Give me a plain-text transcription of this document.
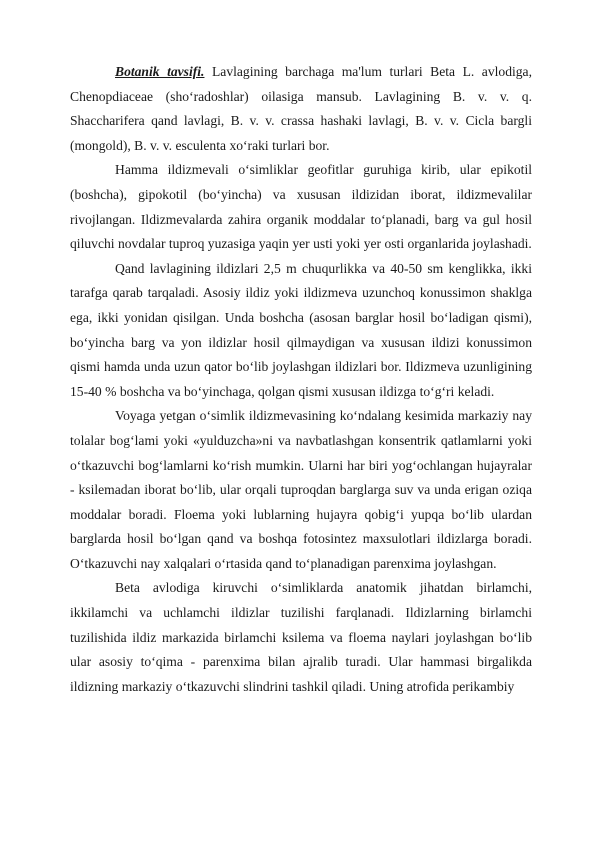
Botanik tavsifi. Lavlagining barchaga ma'lum turlari Beta L. avlodiga, Chenopdiaceae (sho‘radoshlar) oilasiga mansub. Lavlagining B. v. v. q. Shaccharifera qand lavlagi, B. v. v. crassa hashaki lavlagi, B. v. v. Cicla bargli (mongold), B. v. v. esculenta xo‘raki turlari bor.

Hamma ildizmevali o‘simliklar geofitlar guruhiga kirib, ular epikotil (boshcha), gipokotil (bo‘yincha) va xususan ildizidan iborat, ildizmevalilar rivojlangan. Ildizmevalarda zahira organik moddalar to‘planadi, barg va gul hosil qiluvchi novdalar tuproq yuzasiga yaqin yer usti yoki yer osti organlarida joylashadi.

Qand lavlagining ildizlari 2,5 m chuqurlikka va 40-50 sm kenglikka, ikki tarafga qarab tarqaladi. Asosiy ildiz yoki ildizmeva uzunchoq konussimon shaklga ega, ikki yonidan qisilgan. Unda boshcha (asosan barglar hosil bo‘ladigan qismi), bo‘yincha barg va yon ildizlar hosil qilmaydigan va xususan ildizi konussimon qismi hamda unda uzun qator bo‘lib joylashgan ildizlari bor. Ildizmeva uzunligining 15-40 % boshcha va bo‘yinchaga, qolgan qismi xususan ildizga to‘g‘ri keladi.

Voyaga yetgan o‘simlik ildizmevasining ko‘ndalang kesimida markaziy nay tolalar bog‘lami yoki «yulduzcha»ni va navbatlashgan konsentrik qatlamlarni yoki o‘tkazuvchi bog‘lamlarni ko‘rish mumkin. Ularni har biri yog‘ochlangan hujayralar - ksilemadan iborat bo‘lib, ular orqali tuproqdan barglarga suv va unda erigan oziqa moddalar boradi. Floema yoki lublarning hujayra qobig‘i yupqa bo‘lib ulardan barglarda hosil bo‘lgan qand va boshqa fotosintez maxsulotlari ildizlarga boradi. O‘tkazuvchi nay xalqalari o‘rtasida qand to‘planadigan parenxima joylashgan.

Beta avlodiga kiruvchi o‘simliklarda anatomik jihatdan birlamchi, ikkilamchi va uchlamchi ildizlar tuzilishi farqlanadi. Ildizlarning birlamchi tuzilishida ildiz markazida birlamchi ksilema va floema naylari joylashgan bo‘lib ular asosiy to‘qima - parenxima bilan ajralib turadi. Ular hammasi birgalikda ildizning markaziy o‘tkazuvchi slindrini tashkil qiladi. Uning atrofida perikambiy
